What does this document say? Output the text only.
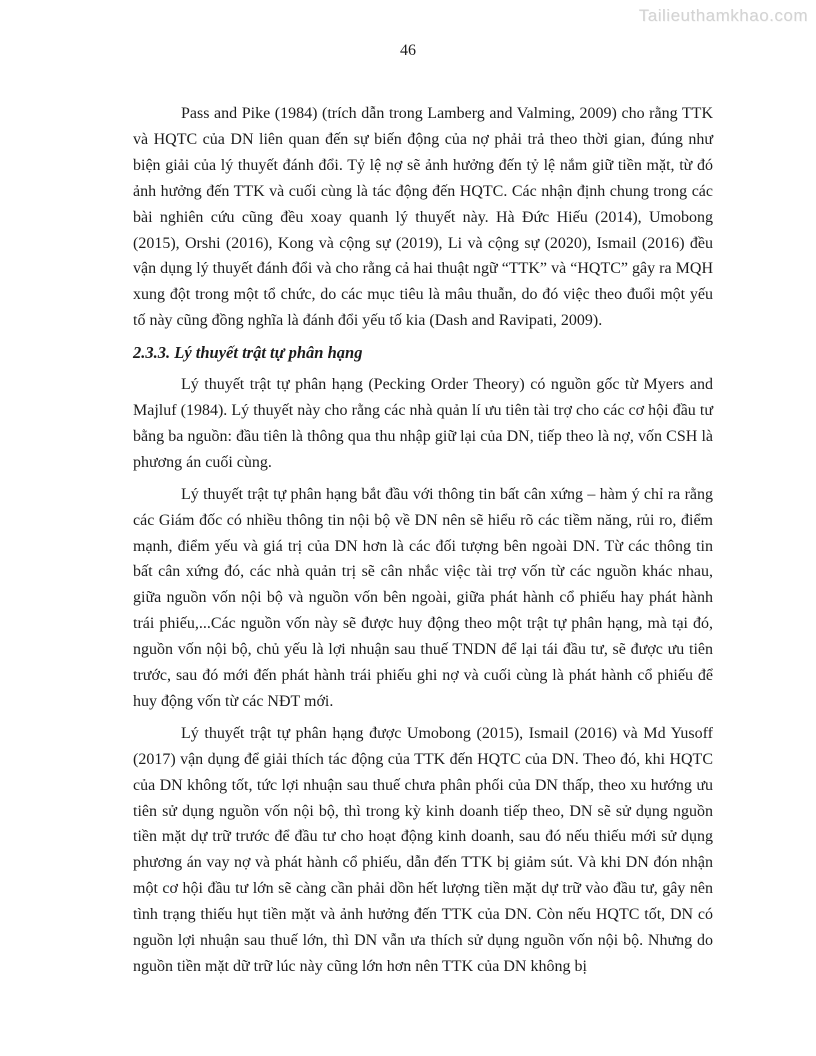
Tailieuthamkhao.com
46

Pass and Pike (1984) (trích dẫn trong Lamberg and Valming, 2009) cho rằng TTK và HQTC của DN liên quan đến sự biến động của nợ phải trả theo thời gian, đúng như biện giải của lý thuyết đánh đổi. Tỷ lệ nợ sẽ ảnh hưởng đến tỷ lệ nắm giữ tiền mặt, từ đó ảnh hưởng đến TTK và cuối cùng là tác động đến HQTC. Các nhận định chung trong các bài nghiên cứu cũng đều xoay quanh lý thuyết này. Hà Đức Hiếu (2014), Umobong (2015), Orshi (2016), Kong và cộng sự (2019), Li và cộng sự (2020), Ismail (2016) đều vận dụng lý thuyết đánh đổi và cho rằng cả hai thuật ngữ “TTK” và “HQTC” gây ra MQH xung đột trong một tổ chức, do các mục tiêu là mâu thuẫn, do đó việc theo đuổi một yếu tố này cũng đồng nghĩa là đánh đổi yếu tố kia (Dash and Ravipati, 2009).

2.3.3. Lý thuyết trật tự phân hạng

Lý thuyết trật tự phân hạng (Pecking Order Theory) có nguồn gốc từ Myers and Majluf (1984). Lý thuyết này cho rằng các nhà quản lí ưu tiên tài trợ cho các cơ hội đầu tư bằng ba nguồn: đầu tiên là thông qua thu nhập giữ lại của DN, tiếp theo là nợ, vốn CSH là phương án cuối cùng.

Lý thuyết trật tự phân hạng bắt đầu với thông tin bất cân xứng – hàm ý chỉ ra rằng các Giám đốc có nhiều thông tin nội bộ về DN nên sẽ hiểu rõ các tiềm năng, rủi ro, điểm mạnh, điểm yếu và giá trị của DN hơn là các đối tượng bên ngoài DN. Từ các thông tin bất cân xứng đó, các nhà quản trị sẽ cân nhắc việc tài trợ vốn từ các nguồn khác nhau, giữa nguồn vốn nội bộ và nguồn vốn bên ngoài, giữa phát hành cổ phiếu hay phát hành trái phiếu,...Các nguồn vốn này sẽ được huy động theo một trật tự phân hạng, mà tại đó, nguồn vốn nội bộ, chủ yếu là lợi nhuận sau thuế TNDN để lại tái đầu tư, sẽ được ưu tiên trước, sau đó mới đến phát hành trái phiếu ghi nợ và cuối cùng là phát hành cổ phiếu để huy động vốn từ các NĐT mới.

Lý thuyết trật tự phân hạng được Umobong (2015), Ismail (2016) và Md Yusoff (2017) vận dụng để giải thích tác động của TTK đến HQTC của DN. Theo đó, khi HQTC của DN không tốt, tức lợi nhuận sau thuế chưa phân phối của DN thấp, theo xu hướng ưu tiên sử dụng nguồn vốn nội bộ, thì trong kỳ kinh doanh tiếp theo, DN sẽ sử dụng nguồn tiền mặt dự trữ trước để đầu tư cho hoạt động kinh doanh, sau đó nếu thiếu mới sử dụng phương án vay nợ và phát hành cổ phiếu, dẫn đến TTK bị giảm sút. Và khi DN đón nhận một cơ hội đầu tư lớn sẽ càng cần phải dồn hết lượng tiền mặt dự trữ vào đầu tư, gây nên tình trạng thiếu hụt tiền mặt và ảnh hưởng đến TTK của DN. Còn nếu HQTC tốt, DN có nguồn lợi nhuận sau thuế lớn, thì DN vẫn ưa thích sử dụng nguồn vốn nội bộ. Nhưng do nguồn tiền mặt dữ trữ lúc này cũng lớn hơn nên TTK của DN không bị
